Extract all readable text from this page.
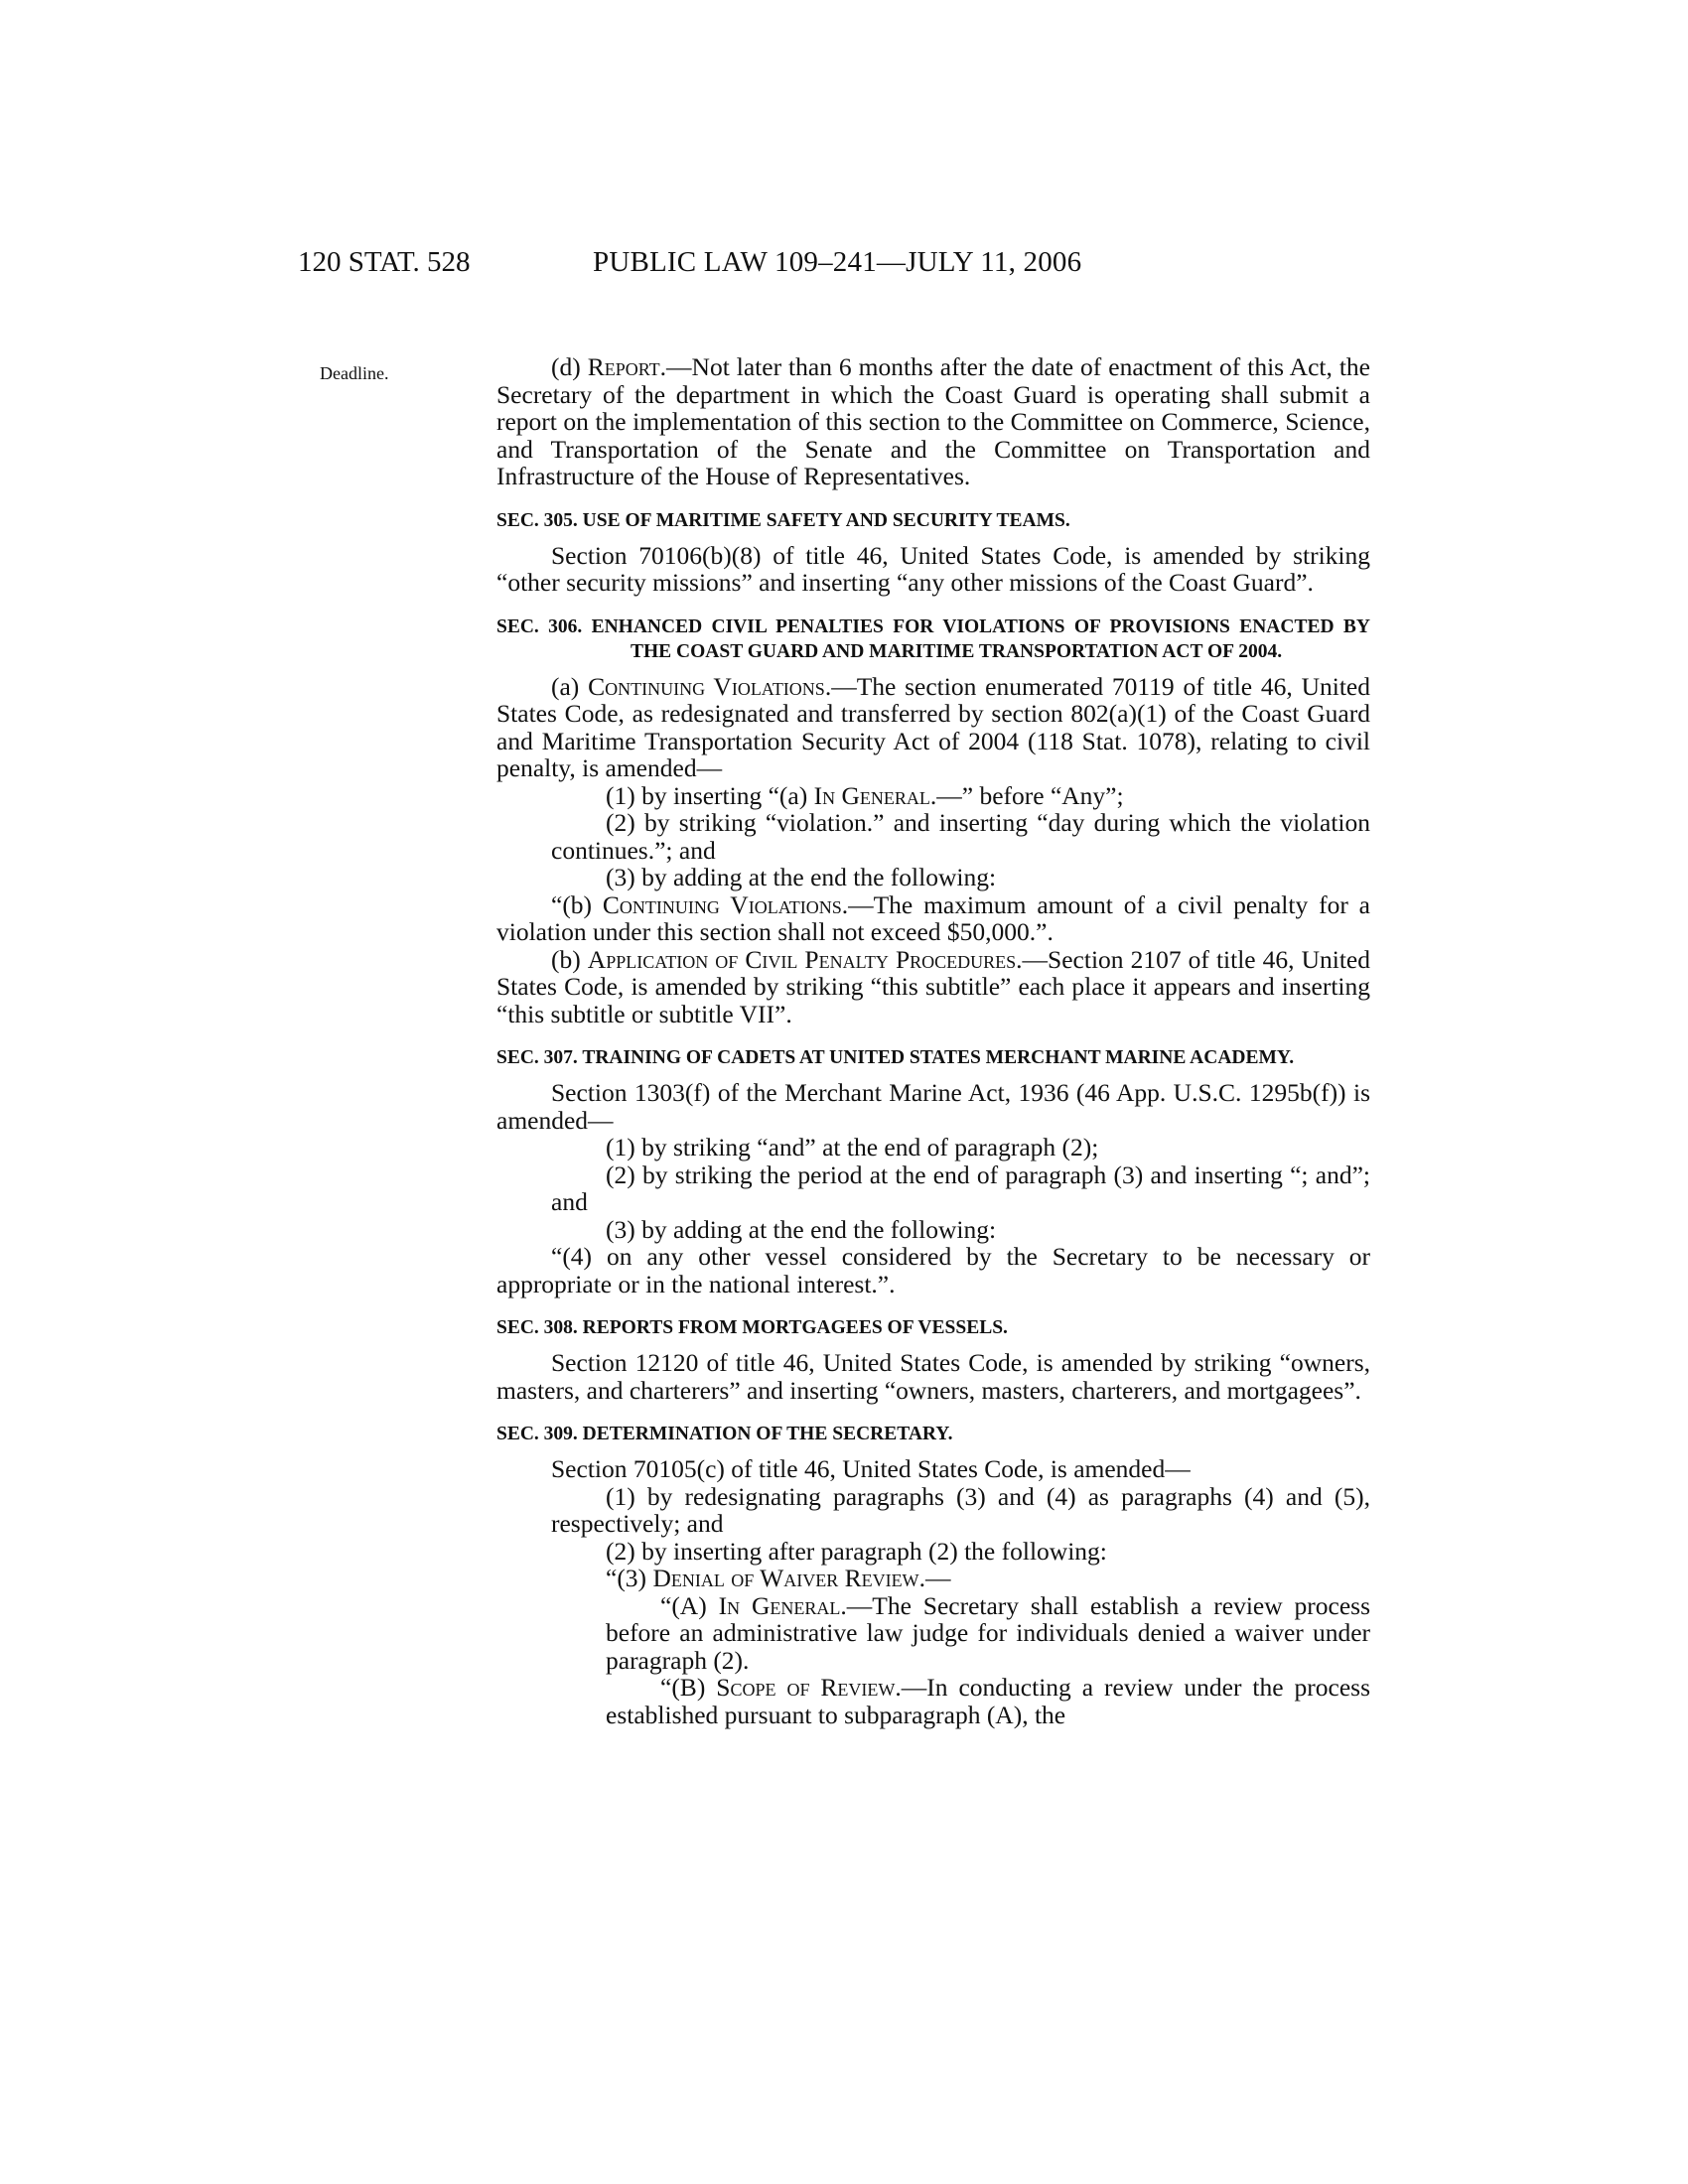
120 STAT. 528	PUBLIC LAW 109–241—JULY 11, 2006
Deadline.	(d) Report.—Not later than 6 months after the date of enactment of this Act, the Secretary of the department in which the Coast Guard is operating shall submit a report on the implementation of this section to the Committee on Commerce, Science, and Transportation of the Senate and the Committee on Transportation and Infrastructure of the House of Representatives.

SEC. 305. USE OF MARITIME SAFETY AND SECURITY TEAMS.

Section 70106(b)(8) of title 46, United States Code, is amended by striking “other security missions” and inserting “any other missions of the Coast Guard”.

SEC. 306. ENHANCED CIVIL PENALTIES FOR VIOLATIONS OF PROVISIONS ENACTED BY THE COAST GUARD AND MARITIME TRANSPORTATION ACT OF 2004.

(a) Continuing Violations.—The section enumerated 70119 of title 46, United States Code, as redesignated and transferred by section 802(a)(1) of the Coast Guard and Maritime Transportation Security Act of 2004 (118 Stat. 1078), relating to civil penalty, is amended—

(1) by inserting “(a) In General.—” before “Any”;

(2) by striking “violation.” and inserting “day during which the violation continues.”; and

(3) by adding at the end the following:

“(b) Continuing Violations.—The maximum amount of a civil penalty for a violation under this section shall not exceed $50,000.”.

(b) Application of Civil Penalty Procedures.—Section 2107 of title 46, United States Code, is amended by striking “this subtitle” each place it appears and inserting “this subtitle or subtitle VII”.

SEC. 307. TRAINING OF CADETS AT UNITED STATES MERCHANT MARINE ACADEMY.

Section 1303(f) of the Merchant Marine Act, 1936 (46 App. U.S.C. 1295b(f)) is amended—

(1) by striking “and” at the end of paragraph (2);

(2) by striking the period at the end of paragraph (3) and inserting “; and”; and

(3) by adding at the end the following:

“(4) on any other vessel considered by the Secretary to be necessary or appropriate or in the national interest.”.

SEC. 308. REPORTS FROM MORTGAGEES OF VESSELS.

Section 12120 of title 46, United States Code, is amended by striking “owners, masters, and charterers” and inserting “owners, masters, charterers, and mortgagees”.

SEC. 309. DETERMINATION OF THE SECRETARY.

Section 70105(c) of title 46, United States Code, is amended—

(1) by redesignating paragraphs (3) and (4) as paragraphs (4) and (5), respectively; and

(2) by inserting after paragraph (2) the following:

“(3) Denial of Waiver Review.—

“(A) In General.—The Secretary shall establish a review process before an administrative law judge for individuals denied a waiver under paragraph (2).

“(B) Scope of Review.—In conducting a review under the process established pursuant to subparagraph (A), the
